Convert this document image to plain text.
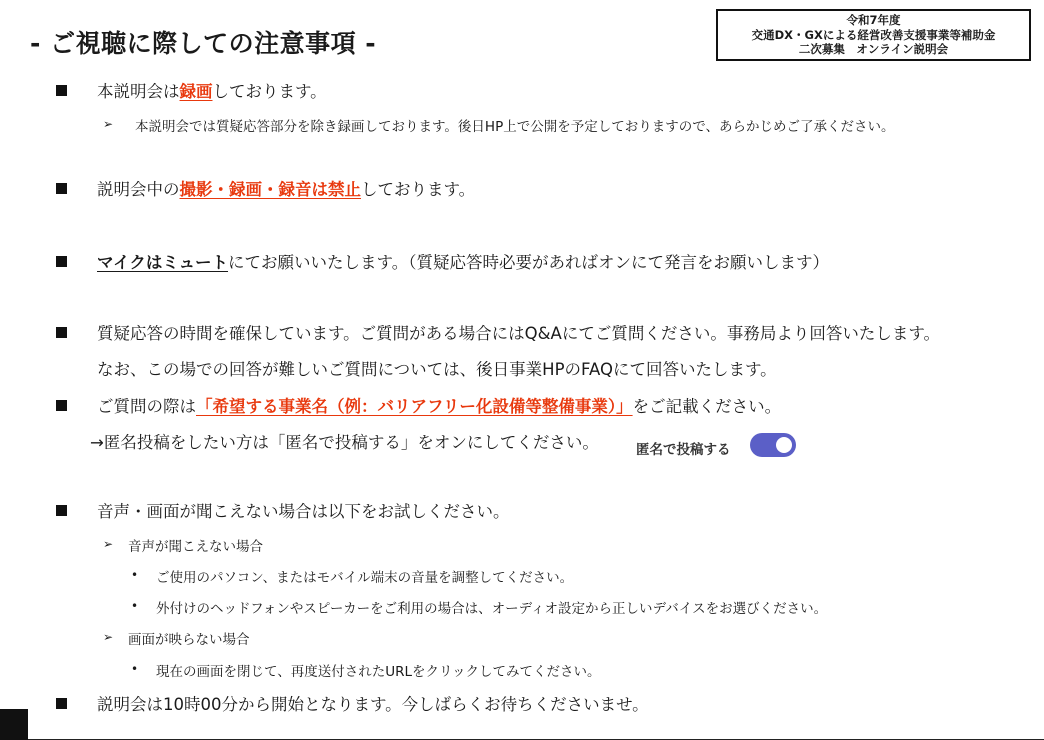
- ご視聴に際しての注意事項 -
令和7年度
交通DX・GXによる経営改善支援事業等補助金
二次募集　オンライン説明会
本説明会は録画しております。
➢ 本説明会では質疑応答部分を除き録画しております。後日HP上で公開を予定しておりますので、あらかじめご了承ください。
説明会中の撮影・録画・録音は禁止しております。
マイクはミュートにてお願いいたします。（質疑応答時必要があればオンにて発言をお願いします）
質疑応答の時間を確保しています。ご質問がある場合にはQ&Aにてご質問ください。事務局より回答いたします。
なお、この場での回答が難しいご質問については、後日事業HPのFAQにて回答いたします。
ご質問の際は「希望する事業名（例：バリアフリー化設備等整備事業）」をご記載ください。
→匿名投稿をしたい方は「匿名で投稿する」をオンにしてください。	匿名で投稿する
音声・画面が聞こえない場合は以下をお試しください。
➢ 音声が聞こえない場合
• ご使用のパソコン、またはモバイル端末の音量を調整してください。
• 外付けのヘッドフォンやスピーカーをご利用の場合は、オーディオ設定から正しいデバイスをお選びください。
➢ 画面が映らない場合
• 現在の画面を閉じて、再度送付されたURLをクリックしてみてください。
説明会は10時00分から開始となります。今しばらくお待ちくださいませ。
